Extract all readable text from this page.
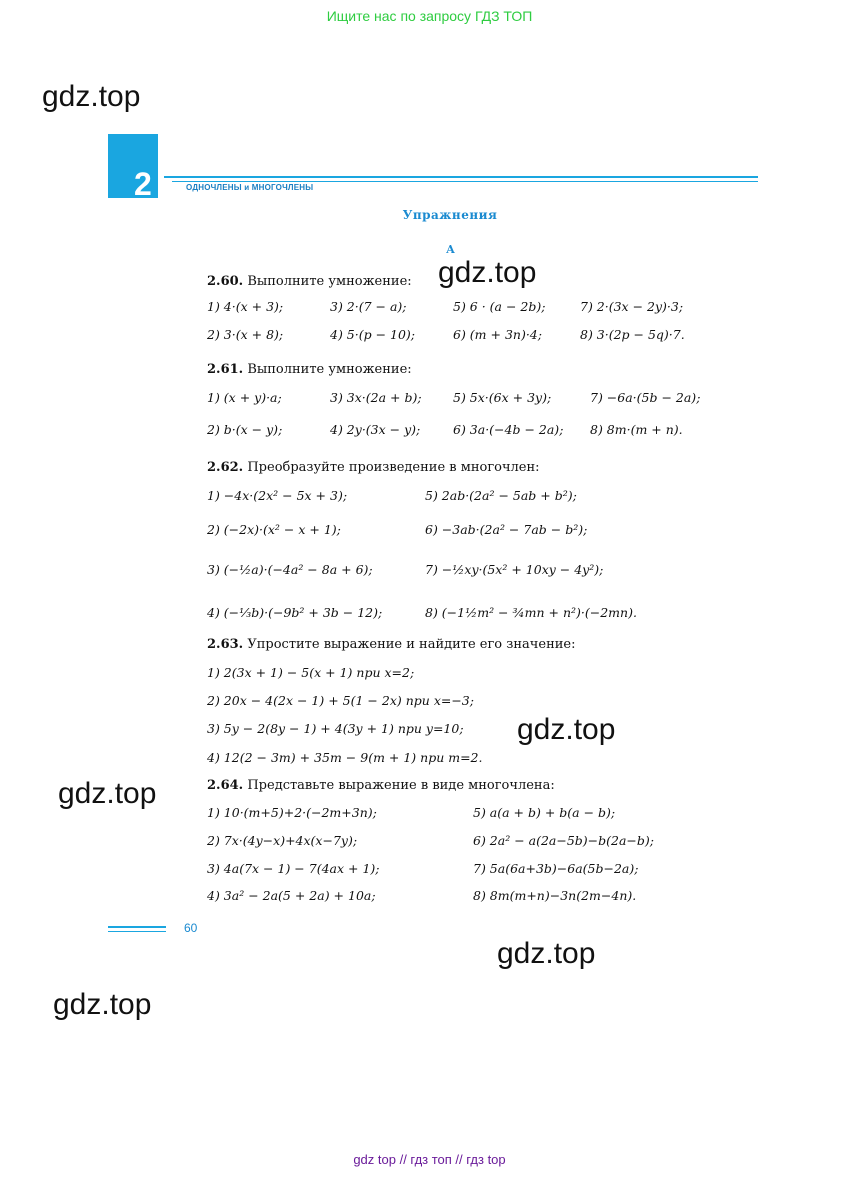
Ищите нас по запросу ГДЗ ТОП
gdz.top
gdz.top
gdz.top
gdz.top
gdz.top
gdz.top
2	ОДНОЧЛЕНЫ и МНОГОЧЛЕНЫ
Упражнения
А
2.60. Выполните умножение:
1) 4·(x + 3);	3) 2·(7 − a);	5) 6 · (a − 2b);	7) 2·(3x − 2y)·3;
2) 3·(x + 8);	4) 5·(p − 10);	6) (m + 3n)·4;	8) 3·(2p − 5q)·7.
2.61. Выполните умножение:
1) (x + y)·a;	3) 3x·(2a + b);	5) 5x·(6x + 3y);	7) −6a·(5b − 2a);
2) b·(x − y);	4) 2y·(3x − y);	6) 3a·(−4b − 2a); 8) 8m·(m + n).
2.62. Преобразуйте произведение в многочлен:
1) −4x·(2x² − 5x + 3);	5) 2ab·(2a² − 5ab + b²);
2) (−2x)·(x² − x + 1);	6) −3ab·(2a² − 7ab − b²);
3) (−½a)·(−4a² − 8a + 6);	7) −½xy·(5x² + 10xy − 4y²);
4) (−⅓b)·(−9b² + 3b − 12);	8) (−1½m² − ¾mn + n²)·(−2mn).
2.63. Упростите выражение и найдите его значение:
1) 2(3x + 1) − 5(x + 1) при x=2;
2) 20x − 4(2x − 1) + 5(1 − 2x) при x=−3;
3) 5y − 2(8y − 1) + 4(3y + 1) при y=10;
4) 12(2 − 3m) + 35m − 9(m + 1) при m=2.
2.64. Представьте выражение в виде многочлена:
1) 10·(m+5)+2·(−2m+3n);	5) a(a + b) + b(a − b);
2) 7x·(4y−x)+4x(x−7y);	6) 2a² − a(2a−5b)−b(2a−b);
3) 4a(7x − 1) − 7(4ax + 1);	7) 5a(6a+3b)−6a(5b−2a);
4) 3a² − 2a(5 + 2a) + 10a;	8) 8m(m+n)−3n(2m−4n).
60
gdz top // гдз топ // гдз top
